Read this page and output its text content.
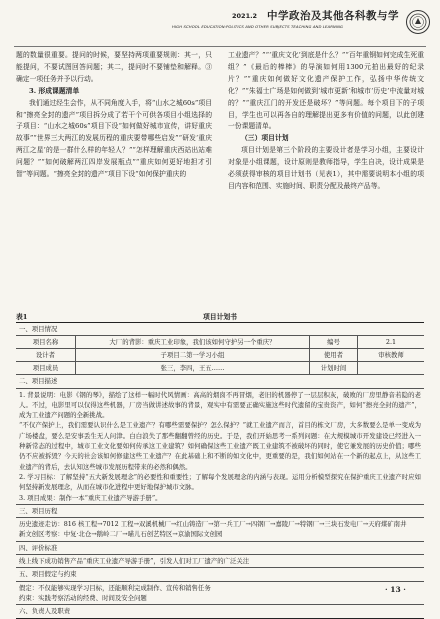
2021.2 中学政治及其他各科教与学
HIGH SCHOOL EDUCATION:POLITICS AND OTHER SUBJECTS TEACHING AND LEARNING

题的数量很重要。提问的时候，要坚持两项重要规则：其一，只能提问，不要试图回答问题；其二，提问时不要铺垫和解释。③确定一项任务并予以行动。

3. 形成课题清单

我们通过经生会作，从不同角度入手，将“山水之城60s”项目和“擦亮全封的遗产”项目拆分成了若干个可供各项目小组选择的子项目：“山水之城60s”项目下设“如何做好城市宣传，讲好重庆故事”“世界三大两江的发展历程的重庆要带哪些启发”“研发‘重庆两江之星’的是一群什么样的年轻人？”“怎样理解重庆西站出站难问题？”“如何破解两江四岸发展瓶点”“重庆如何更好地担才引智”等问题。“擦亮全封的遗产”项目下设“如何保护重庆的

工业遗产？”“‘重庆文化’到底是什么？”“百年重钢如何完成生死重组？”《最后的棒棒》的导演如何用1300元拍出最好的纪录片？”“重庆如何做好文化遗产保护工作，弘扬中华传统文化？”“朱福士广场是如何做到‘城市更新’和城市‘历史’中流量对城的？”“重庆江门的开发还是破坏？”等问题。每个项目下的子项目，学生也可以再各自的理解提出更多有价值的问题，以此创建一份课题清单。

（三）项目计划

项目计划是第三个阶段的主要设计者是学习小组，主要设计对象是小组课题，设计原则是教师指导，学生自决，设计成果是必须获得审核的项目计划书（见表1），其中需要说明本小组的项目内容和范围、实施时间、职责分配及最终产品等。

表1	项目计划书
一、项目情况
项目名称	大厂的背影：重庆工业印象，我们该如何守护另一个重庆？	编号	2.1
设计者	子项目二第一学习小组	使用者	审核教师
项目成员	张三，李四，王五……	计划时间
二、项目描述

1. 背景说明：电影《钢的琴》，描绘了这样一幅时代风情画：高高的烟囱不再冒烟，老旧的机器停了一层层积灰，破败的厂房里静音若隐的老人。不过，电影里可以仅得这些机器，厂房当做讲述故事的背景，观实中有需要正确实施这些时代遗留的宝贵资产，如何“擦亮全封的遗产”，成为工业遗产问题的全新挑战。

“不仅产保护上，我们需要认识什么是工业遗产？有哪些需要保护？怎么保护？”就工业遗产而言，首目的栋文厂房，大多数要么是单一变成为广场楼盘，要么是安事丢生无人问津。白白浪失了那些翻翻曾经的历史。于是，我们开始思考一系列问题：在大规模城市开发建设已经进入一种新常态的过程中，城市工业文化要如何传承这工业建筑？如何确保这些工业遗产既工业建筑不被破坏的同时，使它兼发展的历史价值；哪些仍不应被拆毁？今天的社会该如何修建这些工业遗产？在此基础上和不断的如文化中，更重要的是，我们如何站在一个新的起点上，从这些工业遗产的背后，去认知这些城市发展历程带来的必然和偶然。

2. 学习目标：了解坚持“五大新发展理念”的必要性和重要性；了解每个发展理念的内涵与表现。运用分析模型探究在保护重庆工业遗产时应如何坚持新发展理念，从而在城市化进程中更好地保护城市文脉。

3. 项目成果：制作一本“重庆工业遗产导游手册”。

三、项目历程

历史遗迹走访：816 核工程→7012 工程→双溪机械厂→红山铸造厂→第一兵工厂→四钢厂→嘉陵厂→特钢厂→三块石发电厂→天府煤矿南井

新文创区考察：中复·北仓→鹅岭二厂→喵儿石创艺特区→京渝国际文创园

四、评价标准

线上线下成功销售产品“重庆工业遗产导游手册”，引发人们对工厂遗产的广泛关注

五、项目假定与约束

假定：不仅能够实现学习目标，还能顺利完成制作、宣传和销售任务

约束：实践考察活动的经费、时间及安全问题

六、负责人及职责
· 13 ·
